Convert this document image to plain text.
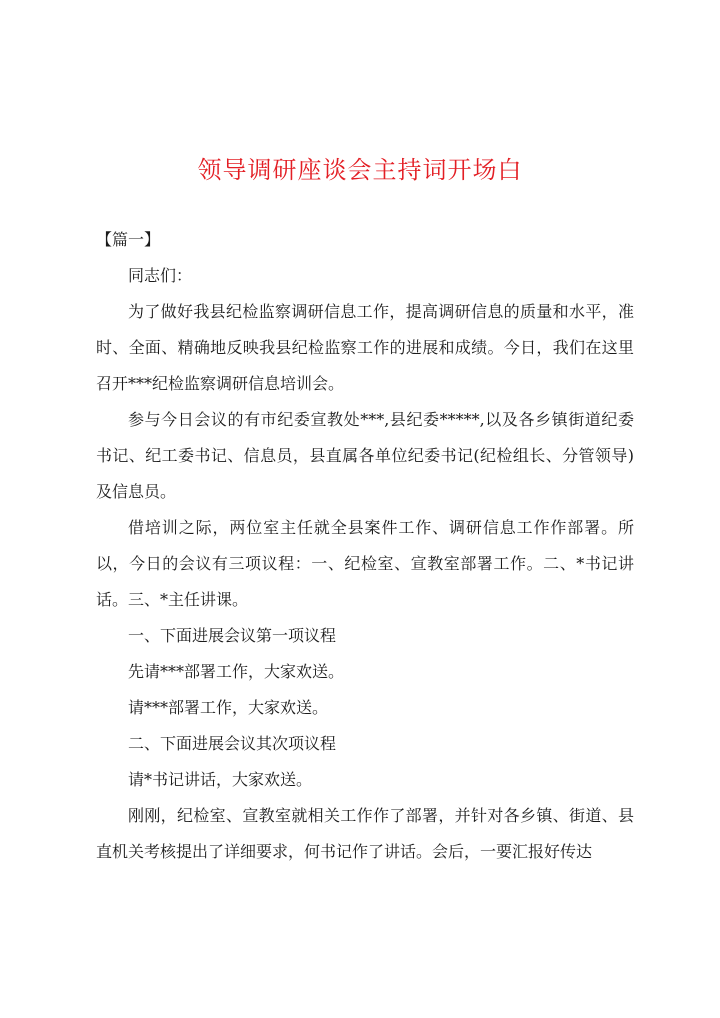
领导调研座谈会主持词开场白

【篇一】

同志们：

为了做好我县纪检监察调研信息工作，提高调研信息的质量和水平，准时、全面、精确地反映我县纪检监察工作的进展和成绩。今日，我们在这里召开***纪检监察调研信息培训会。

参与今日会议的有市纪委宣教处***,县纪委*****,以及各乡镇街道纪委书记、纪工委书记、信息员，县直属各单位纪委书记(纪检组长、分管领导)及信息员。

借培训之际，两位室主任就全县案件工作、调研信息工作作部署。所以，今日的会议有三项议程：一、纪检室、宣教室部署工作。二、*书记讲话。三、*主任讲课。

一、下面进展会议第一项议程

先请***部署工作，大家欢送。

请***部署工作，大家欢送。

二、下面进展会议其次项议程

请*书记讲话，大家欢送。

刚刚，纪检室、宣教室就相关工作作了部署，并针对各乡镇、街道、县直机关考核提出了详细要求，何书记作了讲话。会后，一要汇报好传达
